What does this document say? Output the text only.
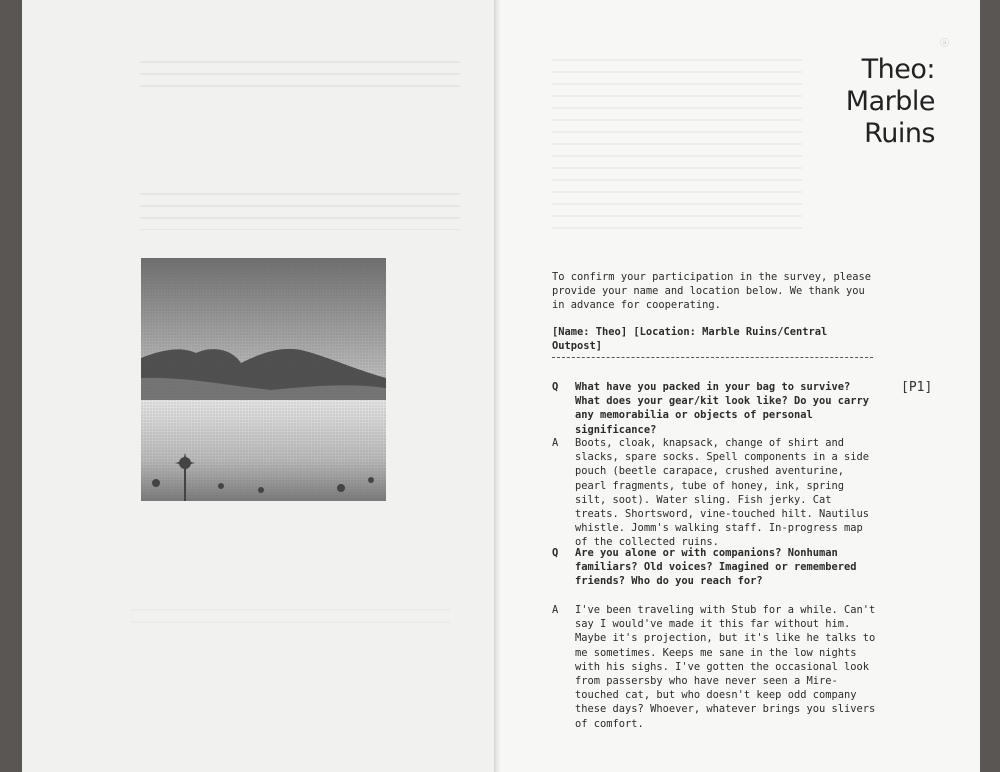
ⓐ
Theo:
Marble
Ruins
To confirm your participation in the survey, please provide your name and location below. We thank you in advance for cooperating.
[Name: Theo] [Location: Marble Ruins/Central Outpost]
[P1]
Q	What have you packed in your bag to survive? What does your gear/kit look like? Do you carry any memorabilia or objects of personal significance?
A	Boots, cloak, knapsack, change of shirt and slacks, spare socks. Spell components in a side pouch (beetle carapace, crushed aventurine, pearl fragments, tube of honey, ink, spring silt, soot). Water sling. Fish jerky. Cat treats. Shortsword, vine-touched hilt. Nautilus whistle. Jomm's walking staff. In-progress map of the collected ruins.
Q	Are you alone or with companions? Nonhuman familiars? Old voices? Imagined or remembered friends? Who do you reach for?
A	I've been traveling with Stub for a while. Can't say I would've made it this far without him. Maybe it's projection, but it's like he talks to me sometimes. Keeps me sane in the low nights with his sighs. I've gotten the occasional look from passersby who have never seen a Mire-touched cat, but who doesn't keep odd company these days? Whoever, whatever brings you slivers of comfort.
